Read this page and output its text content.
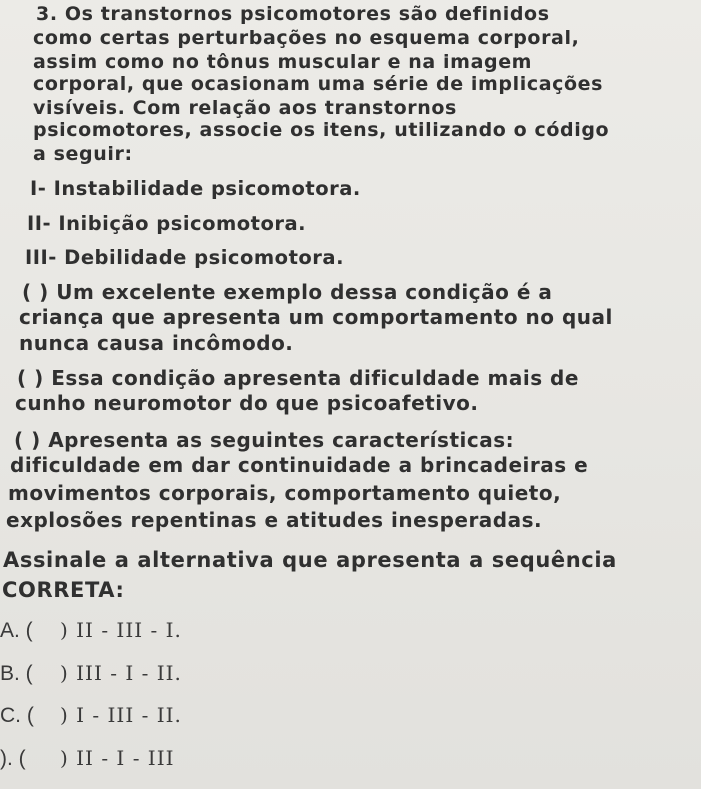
3. Os transtornos psicomotores são definidos
como certas perturbações no esquema corporal,
assim como no tônus muscular e na imagem
corporal, que ocasionam uma série de implicações
visíveis. Com relação aos transtornos
psicomotores, associe os itens, utilizando o código
a seguir:
I- Instabilidade psicomotora.
II- Inibição psicomotora.
III- Debilidade psicomotora.
( ) Um excelente exemplo dessa condição é a
criança que apresenta um comportamento no qual
nunca causa incômodo.
( ) Essa condição apresenta dificuldade mais de
cunho neuromotor do que psicoafetivo.
( ) Apresenta as seguintes características:
dificuldade em dar continuidade a brincadeiras e
movimentos corporais, comportamento quieto,
explosões repentinas e atitudes inesperadas.
Assinale a alternativa que apresenta a sequência
CORRETA:
A. (	) II - III - I.
B. (	) III - I - II.
C. (	) I - III - II.
). (	) II - I - III
